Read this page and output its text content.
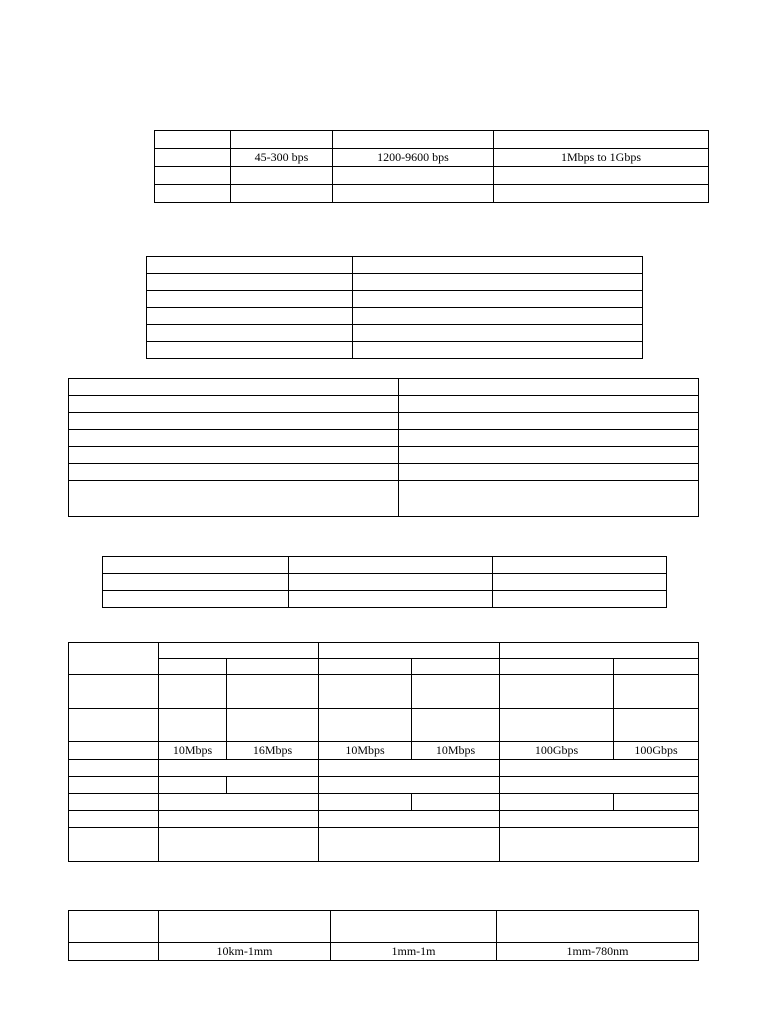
	45-300 bps	1200-9600 bps	1Mbps to 1Gbps

	10Mbps	16Mbps	10Mbps	10Mbps	100Gbps	100Gbps

	10km-1mm	1mm-1m	1mm-780nm
